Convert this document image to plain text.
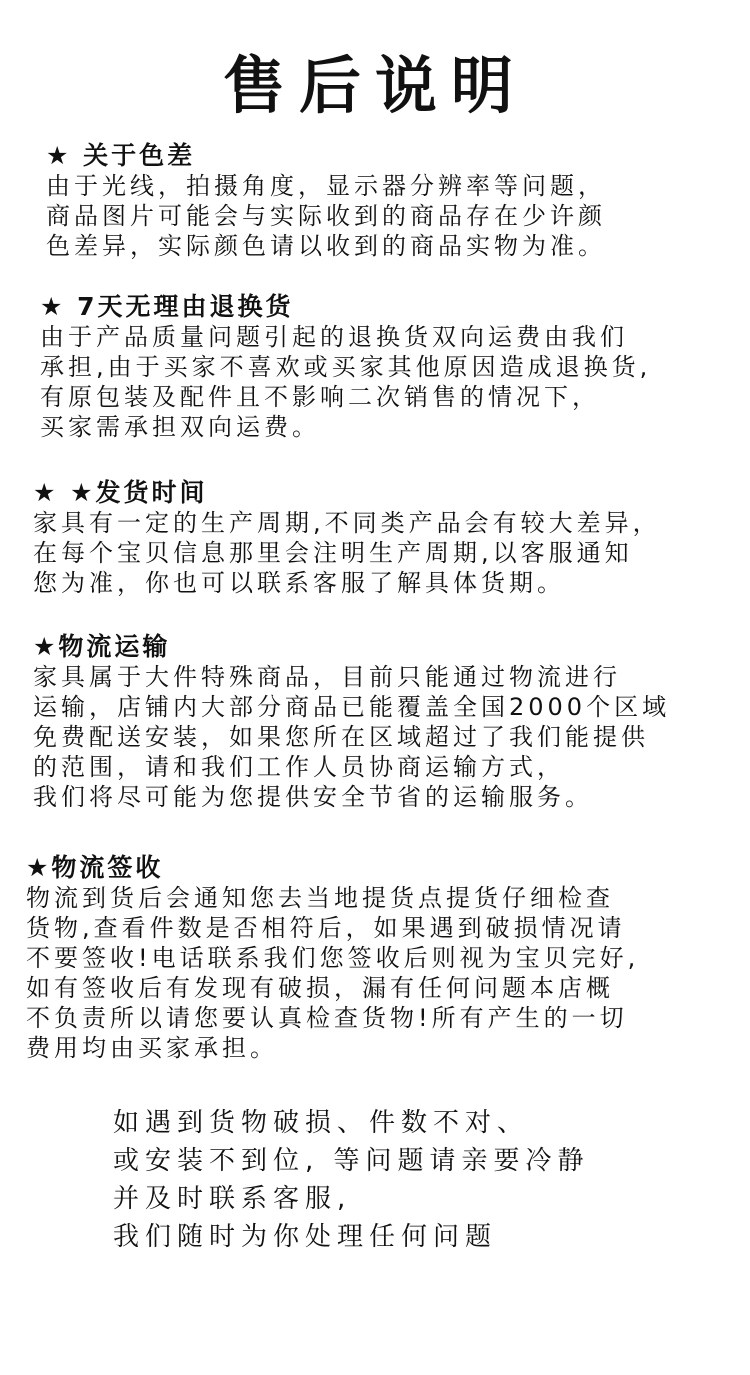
售后说明
★ 关于色差
由于光线，拍摄角度，显示器分辨率等问题，
商品图片可能会与实际收到的商品存在少许颜
色差异，实际颜色请以收到的商品实物为准。
★ 7天无理由退换货
由于产品质量问题引起的退换货双向运费由我们
承担,由于买家不喜欢或买家其他原因造成退换货,
有原包装及配件且不影响二次销售的情况下，
买家需承担双向运费。
★ ★发货时间
家具有一定的生产周期,不同类产品会有较大差异，
在每个宝贝信息那里会注明生产周期,以客服通知
您为准，你也可以联系客服了解具体货期。
★物流运输
家具属于大件特殊商品，目前只能通过物流进行
运输，店铺内大部分商品已能覆盖全国2000个区域
免费配送安装，如果您所在区域超过了我们能提供
的范围，请和我们工作人员协商运输方式，
我们将尽可能为您提供安全节省的运输服务。
★物流签收
物流到货后会通知您去当地提货点提货仔细检查
货物,查看件数是否相符后，如果遇到破损情况请
不要签收!电话联系我们您签收后则视为宝贝完好,
如有签收后有发现有破损，漏有任何问题本店概
不负责所以请您要认真检查货物!所有产生的一切
费用均由买家承担。
如遇到货物破损、件数不对、
或安装不到位, 等问题请亲要冷静
并及时联系客服,
我们随时为你处理任何问题
